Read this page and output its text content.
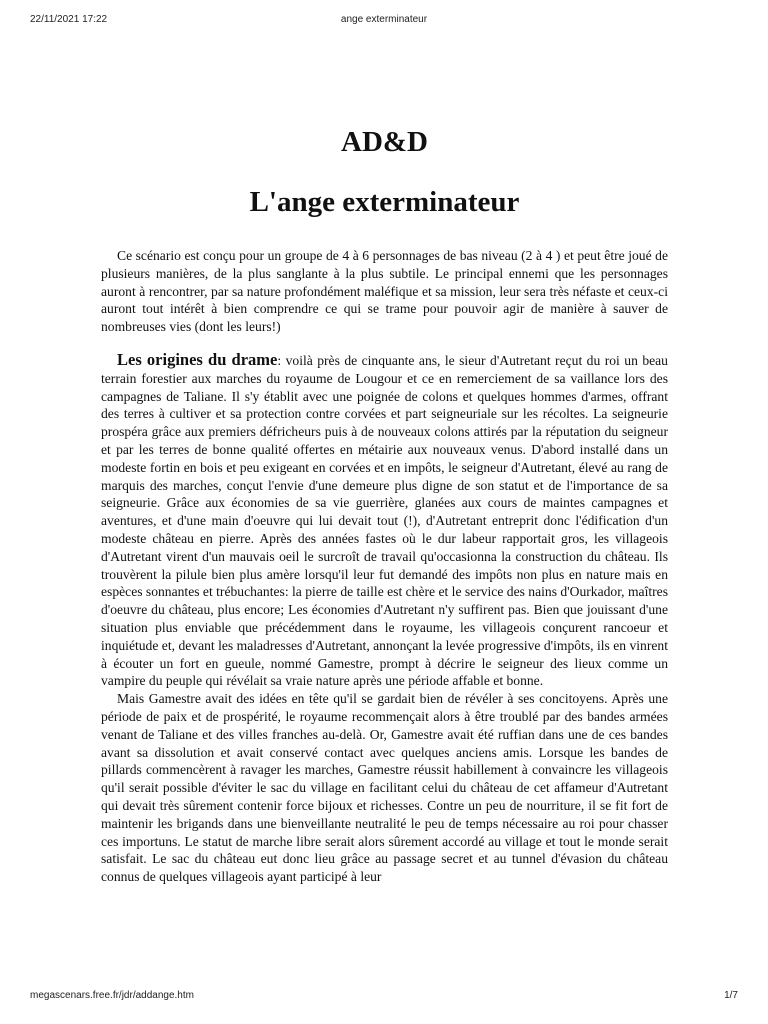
22/11/2021 17:22	ange exterminateur
AD&D
L'ange exterminateur

Ce scénario est conçu pour un groupe de 4 à 6 personnages de bas niveau (2 à 4 ) et peut être joué de plusieurs manières, de la plus sanglante à la plus subtile. Le principal ennemi que les personnages auront à rencontrer, par sa nature profondément maléfique et sa mission, leur sera très néfaste et ceux-ci auront tout intérêt à bien comprendre ce qui se trame pour pouvoir agir de manière à sauver de nombreuses vies (dont les leurs!)

Les origines du drame: voilà près de cinquante ans, le sieur d'Autretant reçut du roi un beau terrain forestier aux marches du royaume de Lougour et ce en remerciement de sa vaillance lors des campagnes de Taliane. Il s'y établit avec une poignée de colons et quelques hommes d'armes, offrant des terres à cultiver et sa protection contre corvées et part seigneuriale sur les récoltes. La seigneurie prospéra grâce aux premiers défricheurs puis à de nouveaux colons attirés par la réputation du seigneur et par les terres de bonne qualité offertes en métairie aux nouveaux venus. D'abord installé dans un modeste fortin en bois et peu exigeant en corvées et en impôts, le seigneur d'Autretant, élevé au rang de marquis des marches, conçut l'envie d'une demeure plus digne de son statut et de l'importance de sa seigneurie. Grâce aux économies de sa vie guerrière, glanées aux cours de maintes campagnes et aventures, et d'une main d'oeuvre qui lui devait tout (!), d'Autretant entreprit donc l'édification d'un modeste château en pierre. Après des années fastes où le dur labeur rapportait gros, les villageois d'Autretant virent d'un mauvais oeil le surcroît de travail qu'occasionna la construction du château. Ils trouvèrent la pilule bien plus amère lorsqu'il leur fut demandé des impôts non plus en nature mais en espèces sonnantes et trébuchantes: la pierre de taille est chère et le service des nains d'Ourkador, maîtres d'oeuvre du château, plus encore; Les économies d'Autretant n'y suffirent pas. Bien que jouissant d'une situation plus enviable que précédemment dans le royaume, les villageois conçurent rancoeur et inquiétude et, devant les maladresses d'Autretant, annonçant la levée progressive d'impôts, ils en vinrent à écouter un fort en gueule, nommé Gamestre, prompt à décrire le seigneur des lieux comme un vampire du peuple qui révélait sa vraie nature après une période affable et bonne.

Mais Gamestre avait des idées en tête qu'il se gardait bien de révéler à ses concitoyens. Après une période de paix et de prospérité, le royaume recommençait alors à être troublé par des bandes armées venant de Taliane et des villes franches au-delà. Or, Gamestre avait été ruffian dans une de ces bandes avant sa dissolution et avait conservé contact avec quelques anciens amis. Lorsque les bandes de pillards commencèrent à ravager les marches, Gamestre réussit habillement à convaincre les villageois qu'il serait possible d'éviter le sac du village en facilitant celui du château de cet affameur d'Autretant qui devait très sûrement contenir force bijoux et richesses. Contre un peu de nourriture, il se fit fort de maintenir les brigands dans une bienveillante neutralité le peu de temps nécessaire au roi pour chasser ces importuns. Le statut de marche libre serait alors sûrement accordé au village et tout le monde serait satisfait. Le sac du château eut donc lieu grâce au passage secret et au tunnel d'évasion du château connus de quelques villageois ayant participé à leur

megascenars.free.fr/jdr/addange.htm	1/7
